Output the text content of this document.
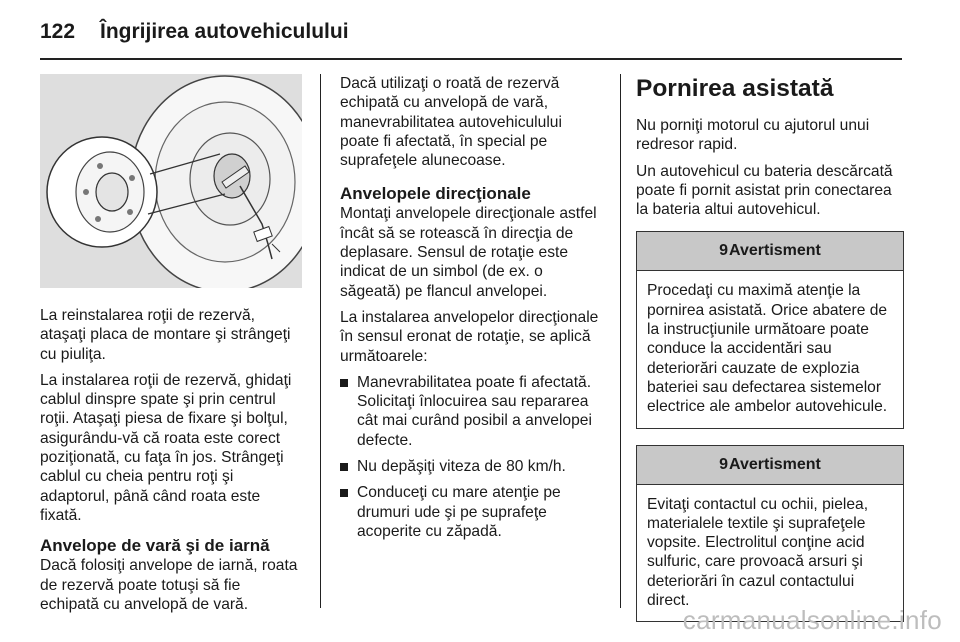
122 Îngrijirea autovehiculului

La reinstalarea roţii de rezervă, ataşaţi placa de montare şi strângeţi cu piuliţa.

La instalarea roţii de rezervă, ghidaţi cablul dinspre spate şi prin centrul roţii. Ataşaţi piesa de fixare şi bolţul, asigurându-vă că roata este corect poziţionată, cu faţa în jos. Strângeţi cablul cu cheia pentru roţi şi adaptorul, până când roata este fixată.

Anvelope de vară şi de iarnă

Dacă folosiţi anvelope de iarnă, roata de rezervă poate totuşi să fie echipată cu anvelopă de vară.

Dacă utilizaţi o roată de rezervă echipată cu anvelopă de vară, manevrabilitatea autovehiculului poate fi afectată, în special pe suprafeţele alunecoase.

Anvelopele direcţionale

Montaţi anvelopele direcţionale astfel încât să se rotească în direcţia de deplasare. Sensul de rotaţie este indicat de un simbol (de ex. o săgeată) pe flancul anvelopei.

La instalarea anvelopelor direcţionale în sensul eronat de rotaţie, se aplică următoarele:

Manevrabilitatea poate fi afectată. Solicitaţi înlocuirea sau repararea cât mai curând posibil a anvelopei defecte.
Nu depăşiţi viteza de 80 km/h.
Conduceţi cu mare atenţie pe drumuri ude şi pe suprafeţe acoperite cu zăpadă.
Pornirea asistată

Nu porniţi motorul cu ajutorul unui redresor rapid.

Un autovehicul cu bateria descărcată poate fi pornit asistat prin conectarea la bateria altui autovehicul.

9 Avertisment

Procedaţi cu maximă atenţie la pornirea asistată. Orice abatere de la instrucţiunile următoare poate conduce la accidentări sau deteriorări cauzate de explozia bateriei sau defectarea sistemelor electrice ale ambelor autovehicule.

9 Avertisment

Evitaţi contactul cu ochii, pielea, materialele textile şi suprafeţele vopsite. Electrolitul conţine acid sulfuric, care provoacă arsuri şi deteriorări în cazul contactului direct.

carmanualsonline.info
